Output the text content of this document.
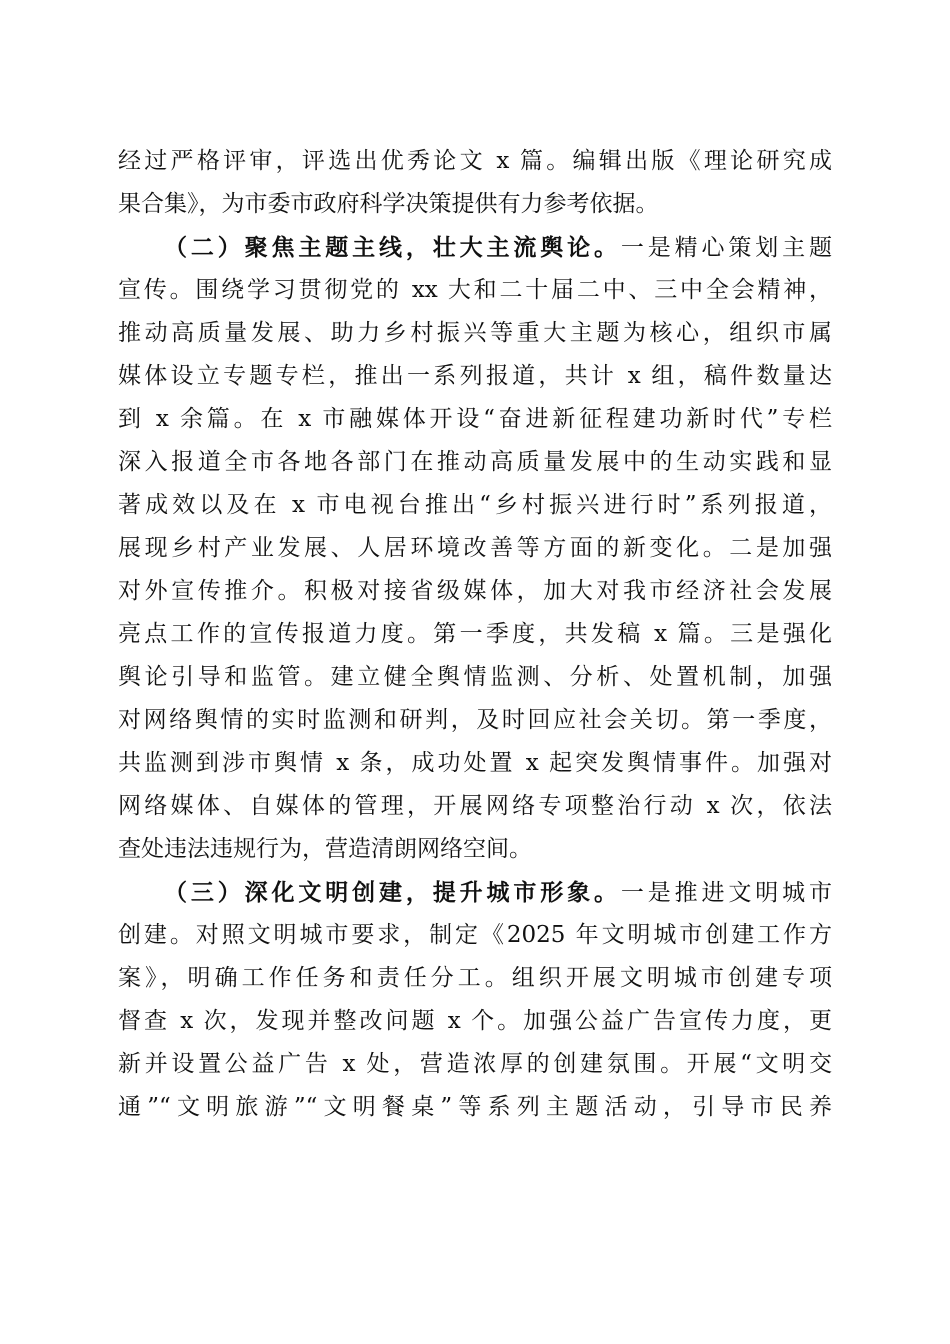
经过严格评审，评选出优秀论文 x 篇。编辑出版《理论研究成
果合集》，为市委市政府科学决策提供有力参考依据。
（二）聚焦主题主线，壮大主流舆论。一是精心策划主题
宣传。围绕学习贯彻党的 xx 大和二十届二中、三中全会精神，
推动高质量发展、助力乡村振兴等重大主题为核心，组织市属
媒体设立专题专栏，推出一系列报道，共计 x 组，稿件数量达
到 x 余篇。在 x 市融媒体开设“奋进新征程建功新时代”专栏
深入报道全市各地各部门在推动高质量发展中的生动实践和显
著成效以及在 x 市电视台推出“乡村振兴进行时”系列报道，
展现乡村产业发展、人居环境改善等方面的新变化。二是加强
对外宣传推介。积极对接省级媒体，加大对我市经济社会发展
亮点工作的宣传报道力度。第一季度，共发稿 x 篇。三是强化
舆论引导和监管。建立健全舆情监测、分析、处置机制，加强
对网络舆情的实时监测和研判，及时回应社会关切。第一季度，
共监测到涉市舆情 x 条，成功处置 x 起突发舆情事件。加强对
网络媒体、自媒体的管理，开展网络专项整治行动 x 次，依法
查处违法违规行为，营造清朗网络空间。
（三）深化文明创建，提升城市形象。一是推进文明城市
创建。对照文明城市要求，制定《2025 年文明城市创建工作方
案》，明确工作任务和责任分工。组织开展文明城市创建专项
督查 x 次，发现并整改问题 x 个。加强公益广告宣传力度，更
新并设置公益广告 x 处，营造浓厚的创建氛围。开展“文明交
通”“文明旅游”“文明餐桌”等系列主题活动，引导市民养
